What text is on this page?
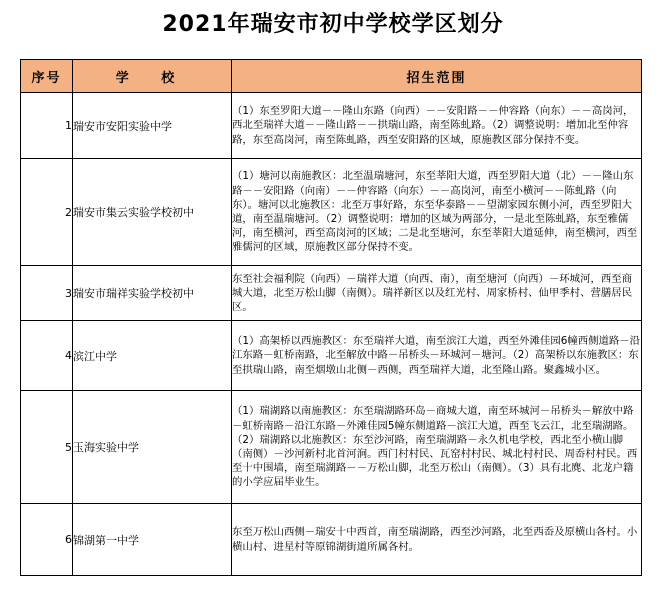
2021年瑞安市初中学校学区划分
序号	学 校	招生范围
1	瑞安市安阳实验中学	（1）东至罗阳大道－－隆山东路（向西）－－安阳路－－仲容路（向东）－－高岗河，西北至瑞祥大道－－隆山路－－拱瑞山路，南至陈虬路。（2）调整说明：增加北至仲容路，东至高岗河，南至陈虬路，西至安阳路的区域，原施教区部分保持不变。
2	瑞安市集云实验学校初中	（1）塘河以南施教区：北至温瑞塘河，东至莘阳大道，西至罗阳大道（北）－－隆山东路－－安阳路（向南）－－仲容路（向东）－－高岗河，南至小横河－－陈虬路（向东）。塘河以北施教区：北至万事好路，东至华泰路－－望湖家园东侧小河，西至罗阳大道，南至温瑞塘河。（2）调整说明：增加的区域为两部分，一是北至陈虬路，东至雅儒河，南至横河，西至高岗河的区域；二是北至塘河，东至莘阳大道延伸，南至横河，西至雅儒河的区域，原施教区部分保持不变。
3	瑞安市瑞祥实验学校初中	东至社会福利院（向西）－瑞祥大道（向西、南），南至塘河（向西）－环城河，西至商城大道，北至万松山脚（南侧）。瑞祥新区以及红光村、周家桥村、仙甲季村、营膳居民区。
4	滨江中学	（1）高架桥以西施教区：东至瑞祥大道，南至滨江大道，西至外滩佳园6幢西侧道路－沿江东路－虹桥南路，北至解放中路－吊桥头－环城河－塘河。（2）高架桥以东施教区：东至拱瑞山路，南至烟墩山北侧－西侧，西至瑞祥大道，北至隆山路。聚鑫城小区。
5	玉海实验中学	（1）瑞湖路以南施教区：东至瑞湖路环岛－商城大道，南至环城河－吊桥头－解放中路－虹桥南路－沿江东路－外滩佳园5幢东侧道路－滨江大道，西至飞云江，北至瑞湖路。（2）瑞湖路以北施教区：东至沙河路，南至瑞湖路－永久机电学校，西北至小横山脚（南侧）－沙河新村北首河涧。西门村村民、瓦窑村村民、城北村村民、周岙村村民。西至十中围墙，南至瑞湖路－－万松山脚，北至万松山（南侧）。（3）具有北麂、北龙户籍的小学应届毕业生。
6	锦湖第一中学	东至万松山西侧－瑞安十中西首，南至瑞湖路，西至沙河路，北至西岙及原横山各村。小横山村、进星村等原锦湖街道所属各村。
